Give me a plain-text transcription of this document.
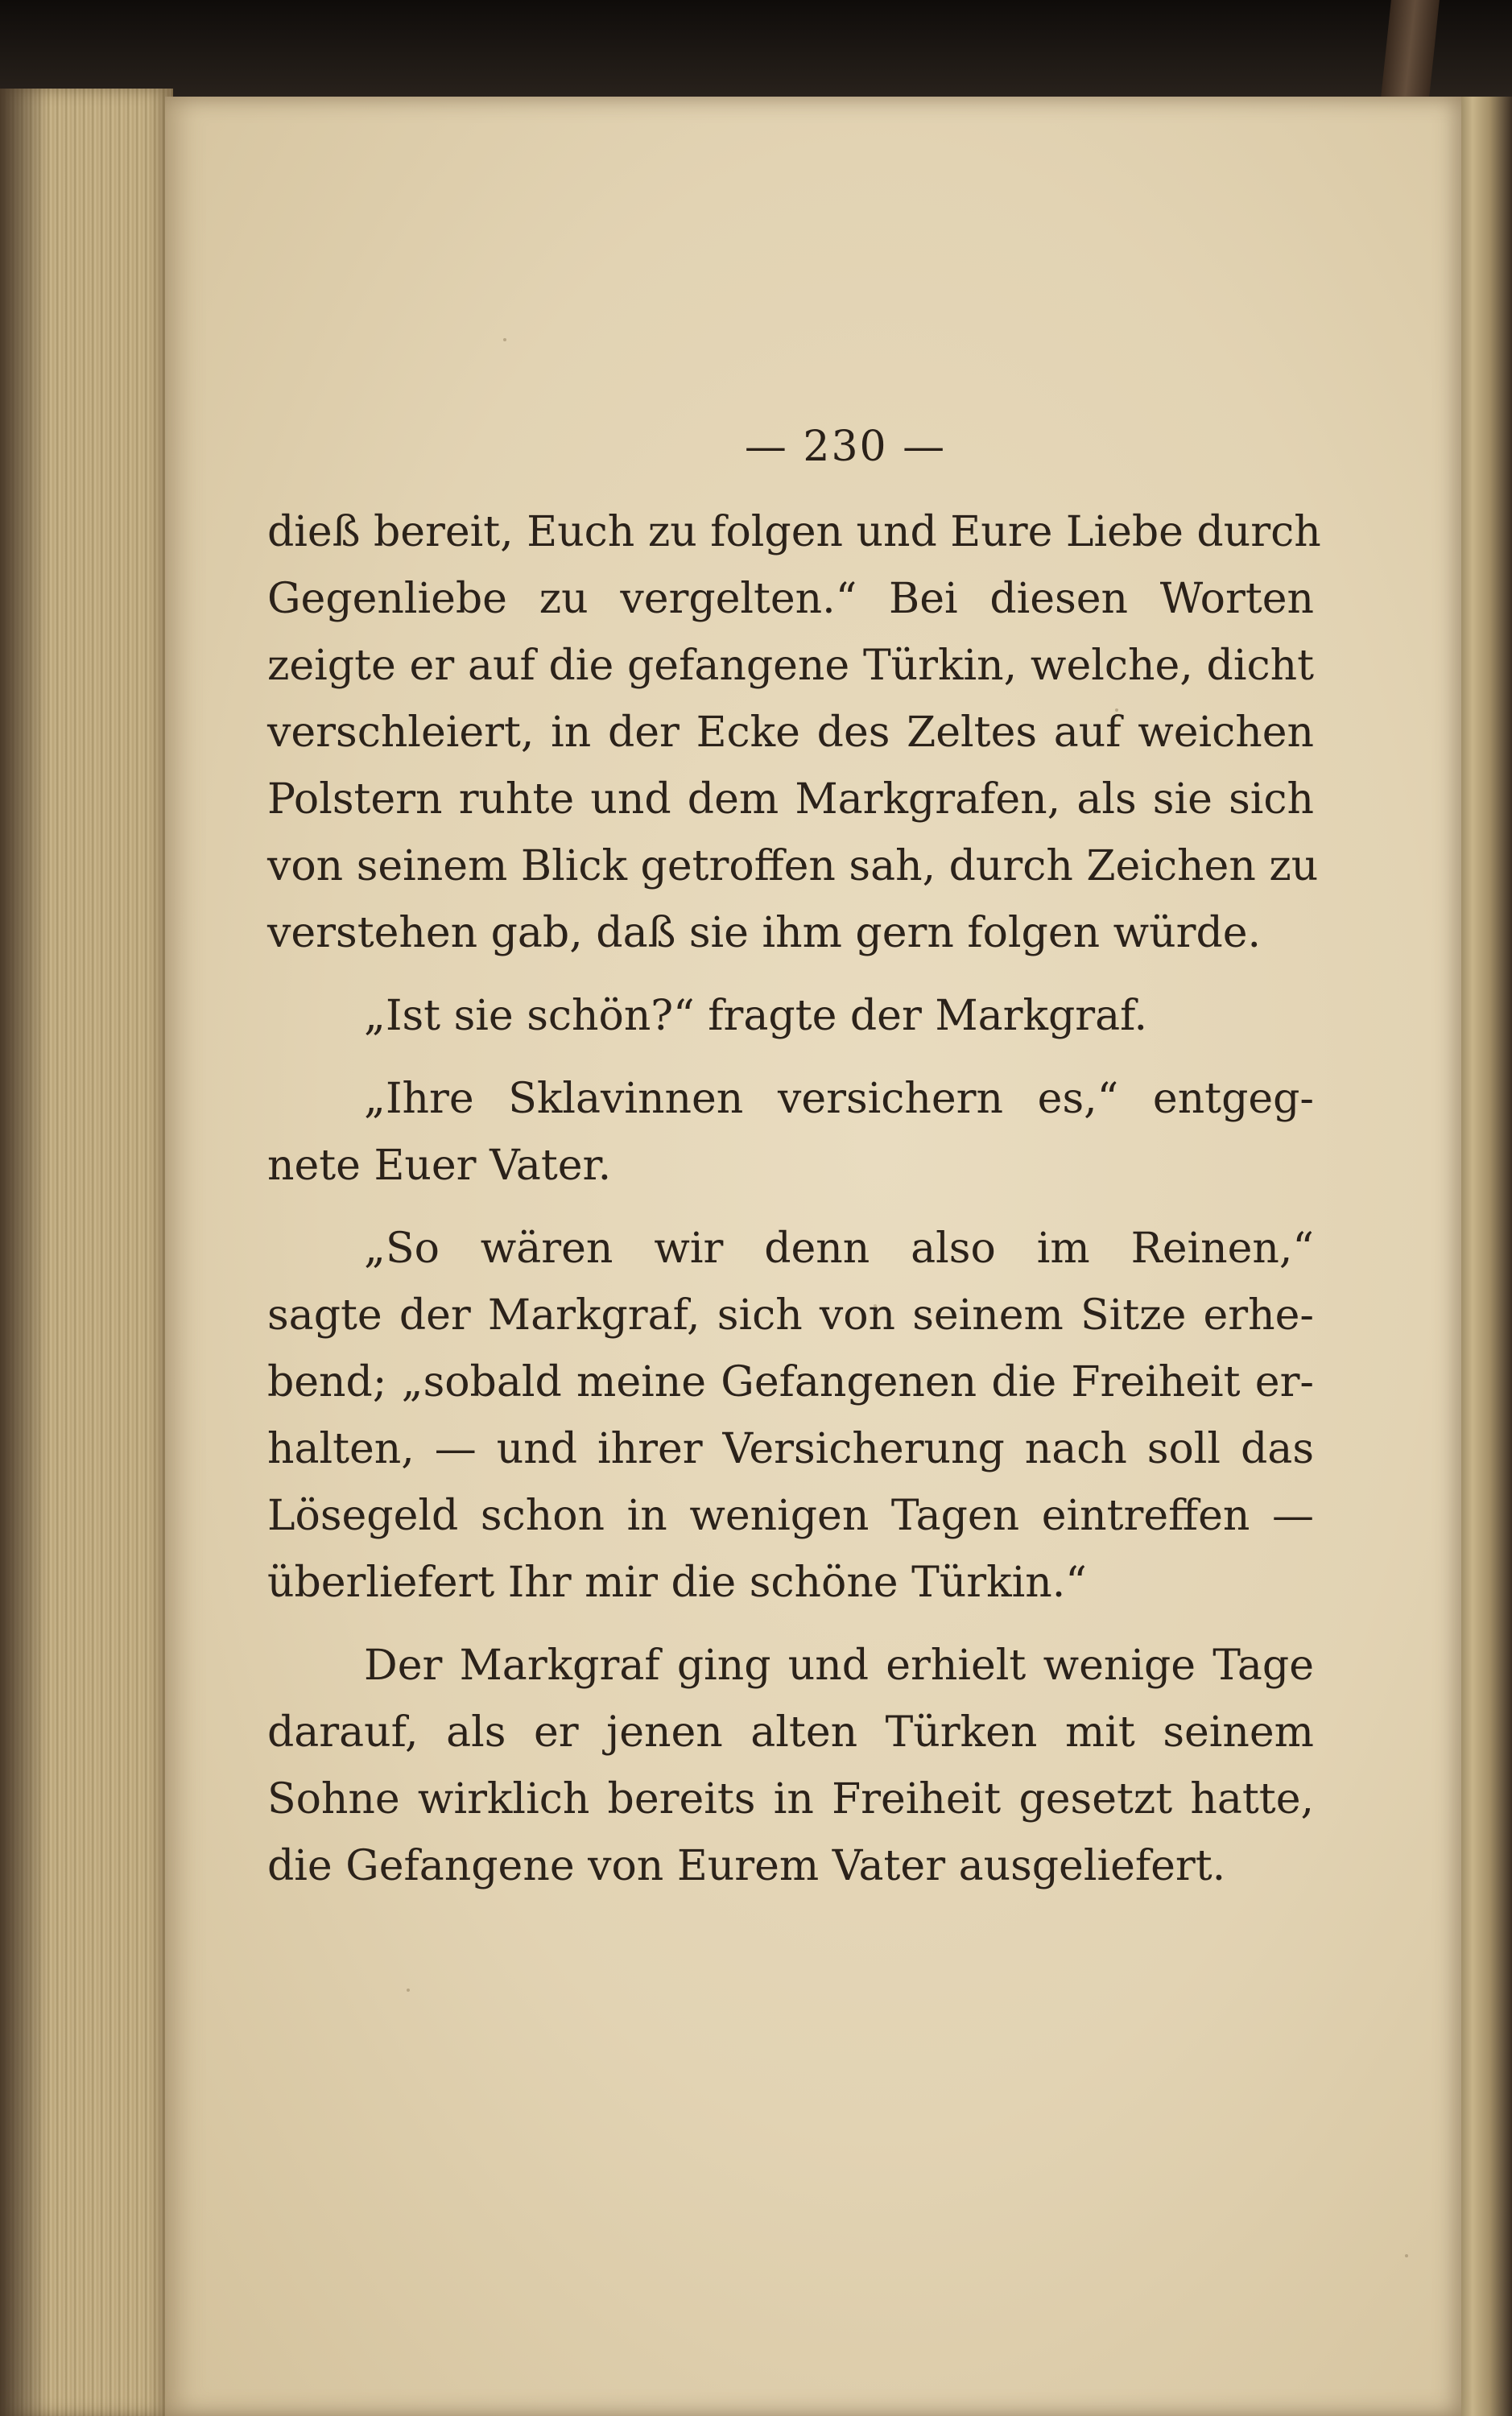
— 230 —
dieß bereit, Euch zu folgen und Eure Liebe durch
Gegenliebe zu vergelten.“ Bei diesen Worten
zeigte er auf die gefangene Türkin, welche, dicht
verschleiert, in der Ecke des Zeltes auf weichen
Polstern ruhte und dem Markgrafen, als sie sich
von seinem Blick getroffen sah, durch Zeichen zu
verstehen gab, daß sie ihm gern folgen würde.
„Ist sie schön?“ fragte der Markgraf.
„Ihre Sklavinnen versichern es,“ entgeg-
nete Euer Vater.
„So wären wir denn also im Reinen,“
sagte der Markgraf, sich von seinem Sitze erhe-
bend; „sobald meine Gefangenen die Freiheit er-
halten, — und ihrer Versicherung nach soll das
Lösegeld schon in wenigen Tagen eintreffen —
überliefert Ihr mir die schöne Türkin.“
Der Markgraf ging und erhielt wenige Tage
darauf, als er jenen alten Türken mit seinem
Sohne wirklich bereits in Freiheit gesetzt hatte,
die Gefangene von Eurem Vater ausgeliefert.
